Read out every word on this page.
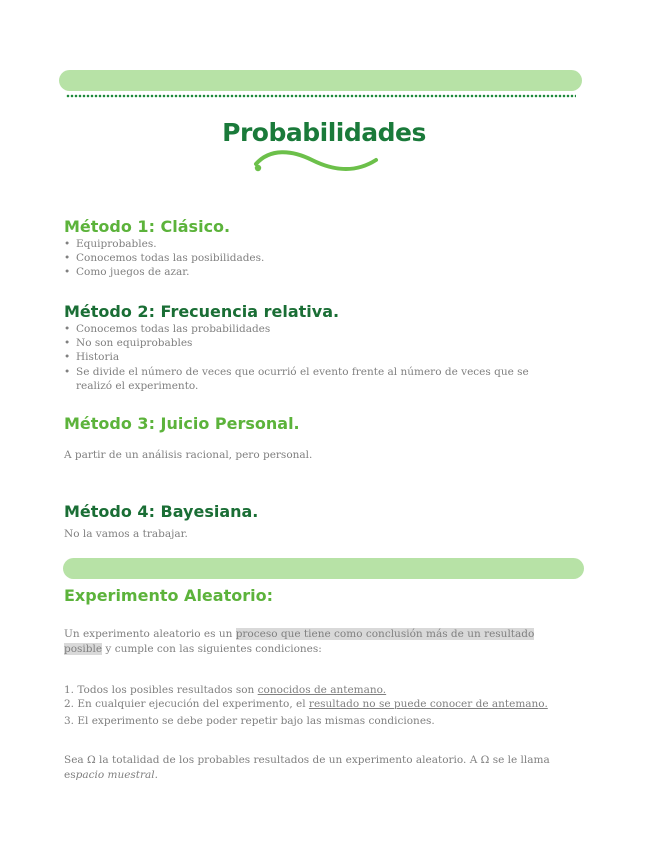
Probabilidades
Método 1: Clásico.
• Equiprobables.
• Conocemos todas las posibilidades.
• Como juegos de azar.
Método 2: Frecuencia relativa.
• Conocemos todas las probabilidades
• No son equiprobables
• Historia
• Se divide el número de veces que ocurrió el evento frente al número de veces que se realizó el experimento.
Método 3: Juicio Personal.

A partir de un análisis racional, pero personal.

Método 4: Bayesiana.

No la vamos a trabajar.

Experimento Aleatorio:

Un experimento aleatorio es un proceso que tiene como conclusión más de un resultado posible y cumple con las siguientes condiciones:

1. Todos los posibles resultados son conocidos de antemano.
2. En cualquier ejecución del experimento, el resultado no se puede conocer de antemano.
3. El experimento se debe poder repetir bajo las mismas condiciones.

Sea Ω la totalidad de los probables resultados de un experimento aleatorio. A Ω se le llama espacio muestral.
